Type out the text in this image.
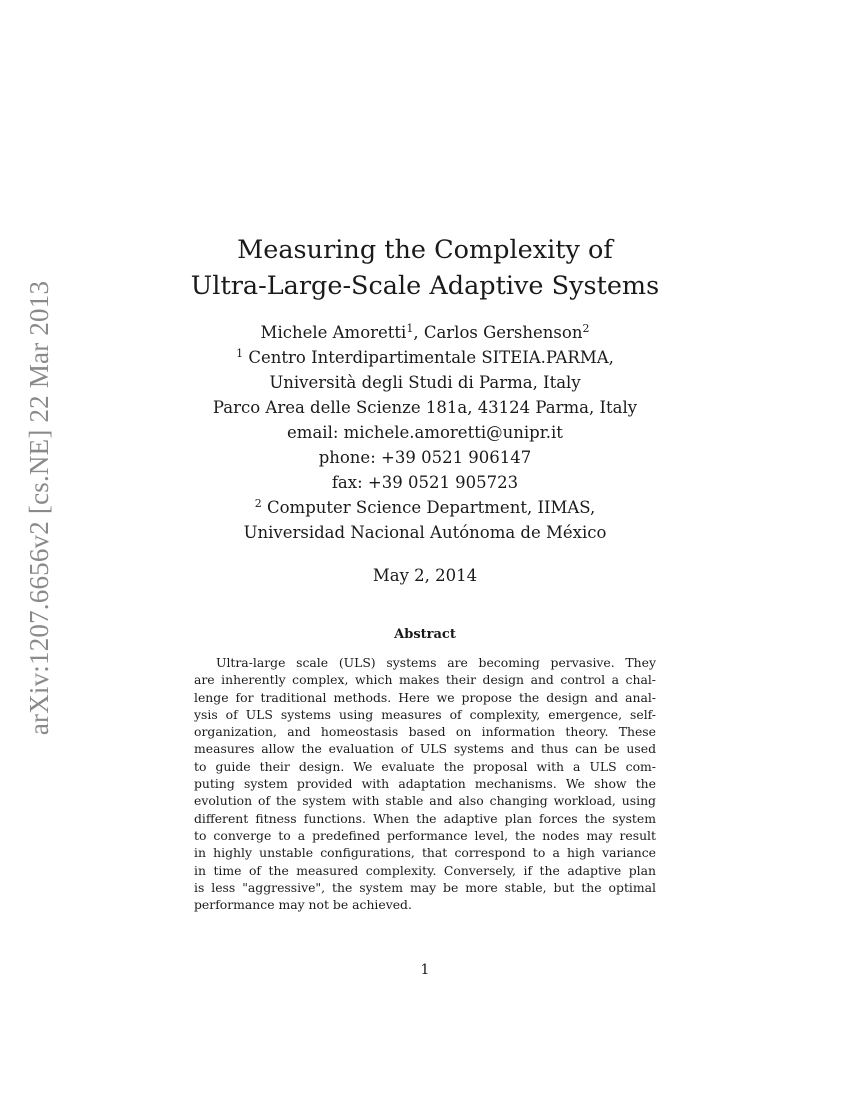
arXiv:1207.6656v2 [cs.NE] 22 Mar 2013
Measuring the Complexity of
Ultra-Large-Scale Adaptive Systems
Michele Amoretti$^1$, Carlos Gershenson$^2$
$^1$ Centro Interdipartimentale SITEIA.PARMA,
Università degli Studi di Parma, Italy
Parco Area delle Scienze 181a, 43124 Parma, Italy
email: michele.amoretti@unipr.it
phone: +39 0521 906147
fax: +39 0521 905723
$^2$ Computer Science Department, IIMAS,
Universidad Nacional Autónoma de México
May 2, 2014
Abstract
Ultra-large scale (ULS) systems are becoming pervasive. They
are inherently complex, which makes their design and control a chal-
lenge for traditional methods. Here we propose the design and anal-
ysis of ULS systems using measures of complexity, emergence, self-
organization, and homeostasis based on information theory. These
measures allow the evaluation of ULS systems and thus can be used
to guide their design. We evaluate the proposal with a ULS com-
puting system provided with adaptation mechanisms. We show the
evolution of the system with stable and also changing workload, using
different fitness functions. When the adaptive plan forces the system
to converge to a predefined performance level, the nodes may result
in highly unstable configurations, that correspond to a high variance
in time of the measured complexity. Conversely, if the adaptive plan
is less "aggressive", the system may be more stable, but the optimal
performance may not be achieved.
1
